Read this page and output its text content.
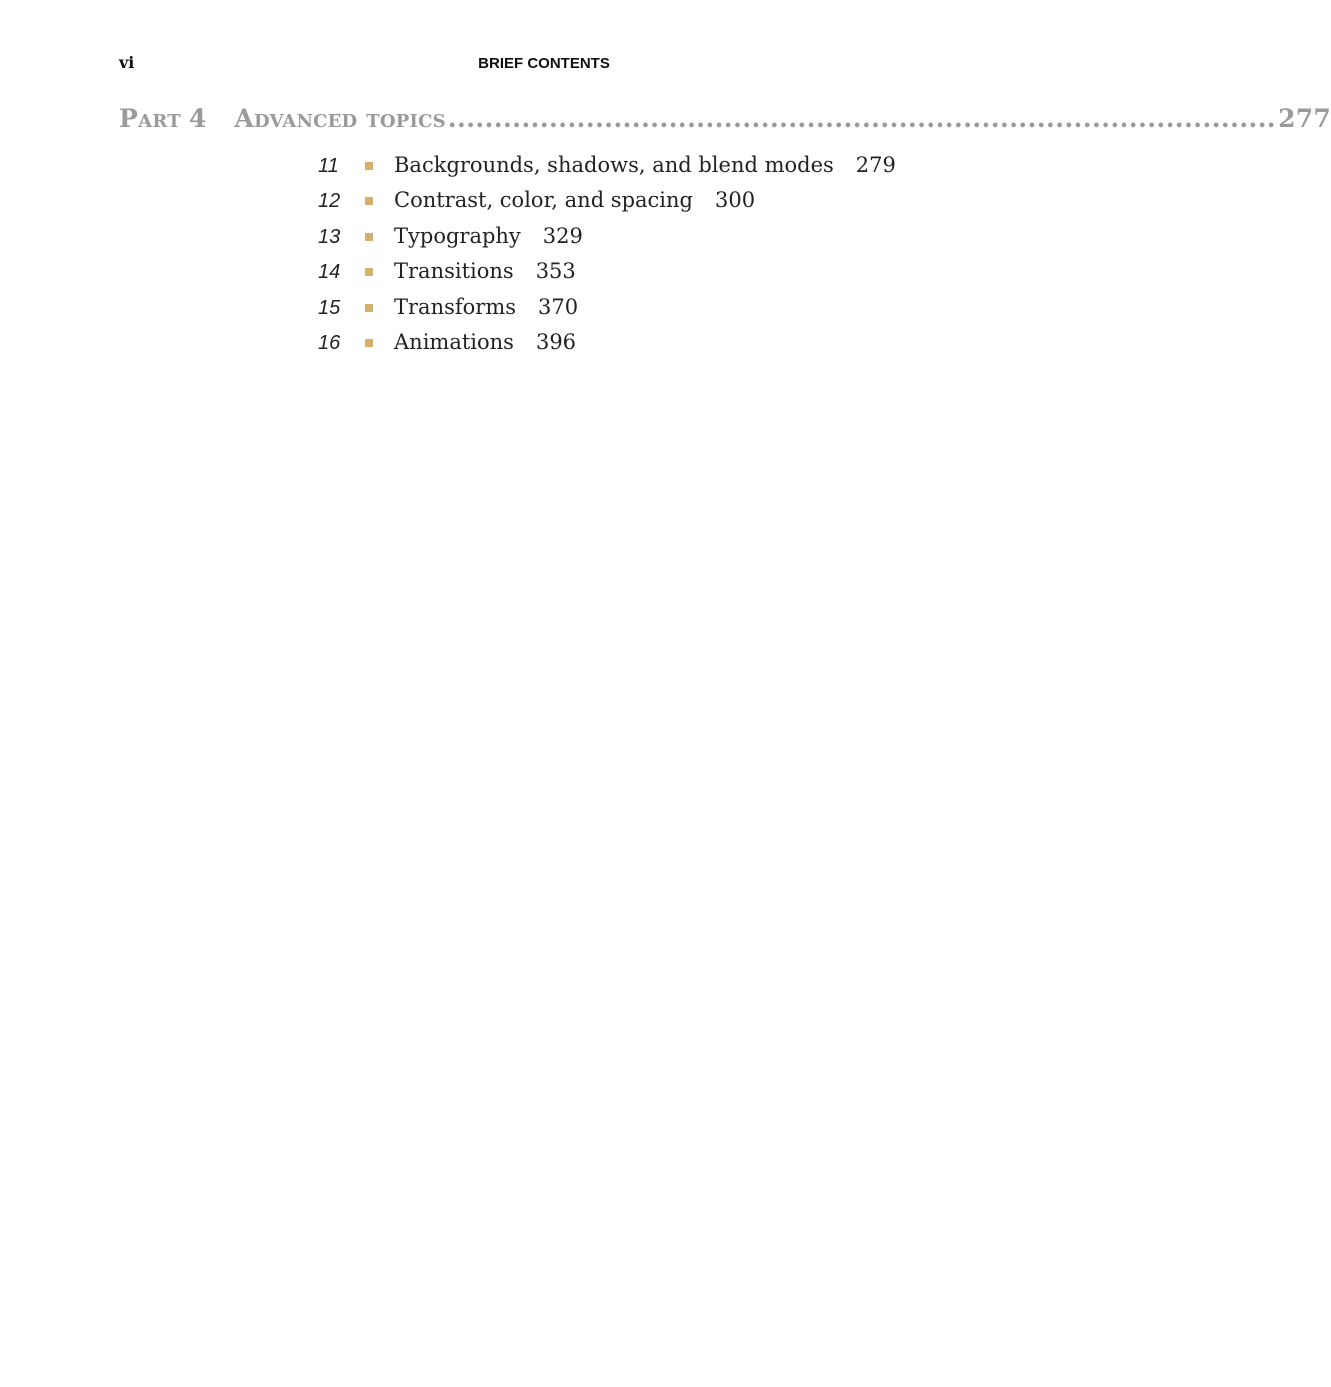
vi	BRIEF CONTENTS
Part 4 Advanced topics .......................................................................................... 277
11	Backgrounds, shadows, and blend modes 279
12	Contrast, color, and spacing 300
13	Typography 329
14	Transitions 353
15	Transforms 370
16	Animations 396
